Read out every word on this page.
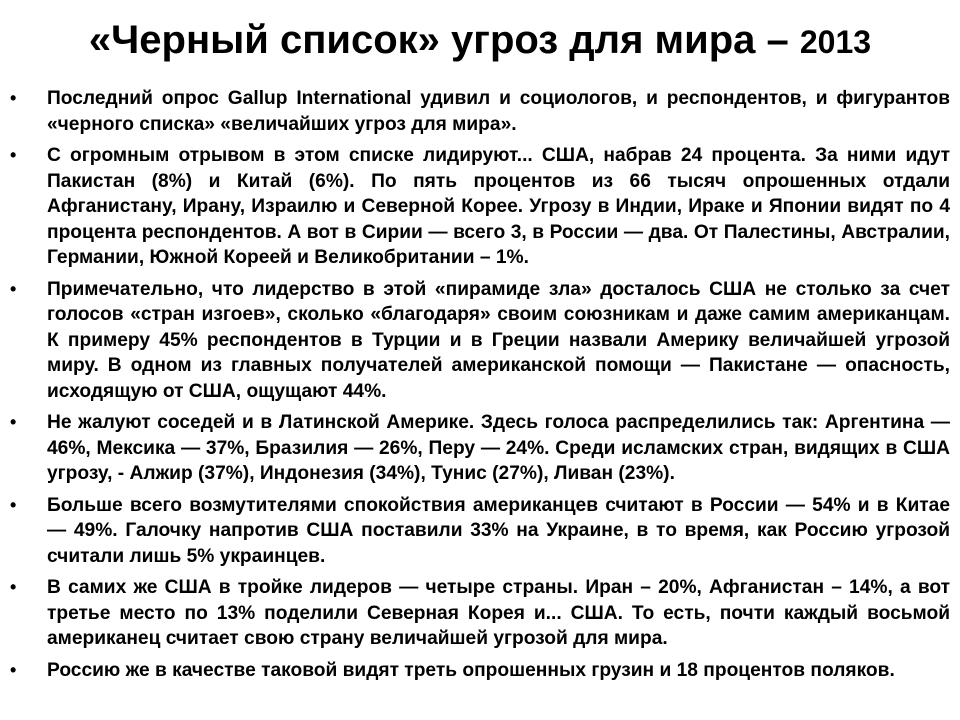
«Черный список» угроз для мира – 2013
• Последний опрос Gallup International удивил и социологов, и респондентов, и фигурантов «черного списка» «величайших угроз для мира».
• С огромным отрывом в этом списке лидируют... США, набрав 24 процента. За ними идут Пакистан (8%) и Китай (6%). По пять процентов из 66 тысяч опрошенных отдали Афганистану, Ирану, Израилю и Северной Корее. Угрозу в Индии, Ираке и Японии видят по 4 процента респондентов. А вот в Сирии — всего 3, в России — два. От Палестины, Австралии, Германии, Южной Кореей и Великобритании – 1%.
• Примечательно, что лидерство в этой «пирамиде зла» досталось США не столько за счет голосов «стран изгоев», сколько «благодаря» своим союзникам и даже самим американцам. К примеру 45% респондентов в Турции и в Греции назвали Америку величайшей угрозой миру. В одном из главных получателей американской помощи — Пакистане — опасность, исходящую от США, ощущают 44%.
• Не жалуют соседей и в Латинской Америке. Здесь голоса распределились так: Аргентина — 46%, Мексика — 37%, Бразилия — 26%, Перу — 24%. Среди исламских стран, видящих в США угрозу, - Алжир (37%), Индонезия (34%), Тунис (27%), Ливан (23%).
• Больше всего возмутителями спокойствия американцев считают в России — 54% и в Китае — 49%. Галочку напротив США поставили 33% на Украине, в то время, как Россию угрозой считали лишь 5% украинцев.
• В самих же США в тройке лидеров — четыре страны. Иран – 20%, Афганистан – 14%, а вот третье место по 13% поделили Северная Корея и... США. То есть, почти каждый восьмой американец считает свою страну величайшей угрозой для мира.
• Россию же в качестве таковой видят треть опрошенных грузин и 18 процентов поляков.
